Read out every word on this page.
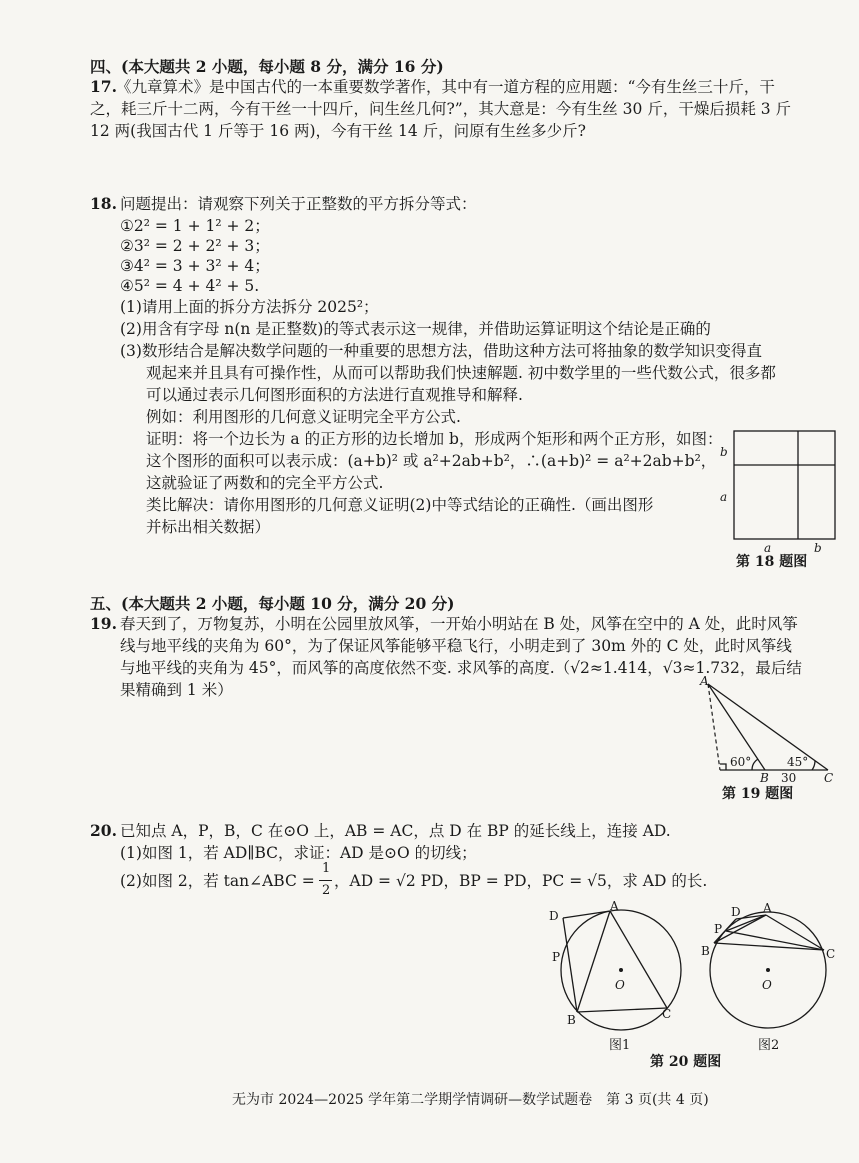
四、(本大题共 2 小题，每小题 8 分，满分 16 分)
17. 《九章算术》是中国古代的一本重要数学著作，其中有一道方程的应用题：“今有生丝三十斤，干
之，耗三斤十二两，今有干丝一十四斤，问生丝几何?”，其大意是：今有生丝 30 斤，干燥后损耗 3 斤
12 两(我国古代 1 斤等于 16 两)，今有干丝 14 斤，问原有生丝多少斤?
18. 问题提出：请观察下列关于正整数的平方拆分等式：
①2² = 1 + 1² + 2；
②3² = 2 + 2² + 3；
③4² = 3 + 3² + 4；
④5² = 4 + 4² + 5.
(1)请用上面的拆分方法拆分 2025²；
(2)用含有字母 n(n 是正整数)的等式表示这一规律，并借助运算证明这个结论是正确的
(3)数形结合是解决数学问题的一种重要的思想方法，借助这种方法可将抽象的数学知识变得直
观起来并且具有可操作性，从而可以帮助我们快速解题. 初中数学里的一些代数公式，很多都
可以通过表示几何图形面积的方法进行直观推导和解释.
例如：利用图形的几何意义证明完全平方公式.
证明：将一个边长为 a 的正方形的边长增加 b，形成两个矩形和两个正方形，如图：
这个图形的面积可以表示成：(a+b)² 或 a²+2ab+b²，∴(a+b)² = a²+2ab+b²，
这就验证了两数和的完全平方公式.
类比解决：请你用图形的几何意义证明(2)中等式结论的正确性.（画出图形
并标出相关数据）
b
a
a	b
第 18 题图
五、(本大题共 2 小题，每小题 10 分，满分 20 分)
19. 春天到了，万物复苏，小明在公园里放风筝，一开始小明站在 B 处，风筝在空中的 A 处，此时风筝
线与地平线的夹角为 60°，为了保证风筝能够平稳飞行，小明走到了 30m 外的 C 处，此时风筝线
与地平线的夹角为 45°，而风筝的高度依然不变. 求风筝的高度.（√2≈1.414，√3≈1.732，最后结
果精确到 1 米）	A
B	C
60°	45°
30
第 19 题图
20. 已知点 A，P，B，C 在⊙O 上，AB = AC，点 D 在 BP 的延长线上，连接 AD.
(1)如图 1，若 AD∥BC，求证：AD 是⊙O 的切线；
(2)如图 2，若 tan∠ABC =
1
2
，AD = √2 PD，BP = PD，PC = √5，求 AD 的长.
D
A
P
B	C
O
图1
D A
P
B	C
O
图2
第 20 题图
无为市 2024—2025 学年第二学期学情调研—数学试题卷　第 3 页(共 4 页)
